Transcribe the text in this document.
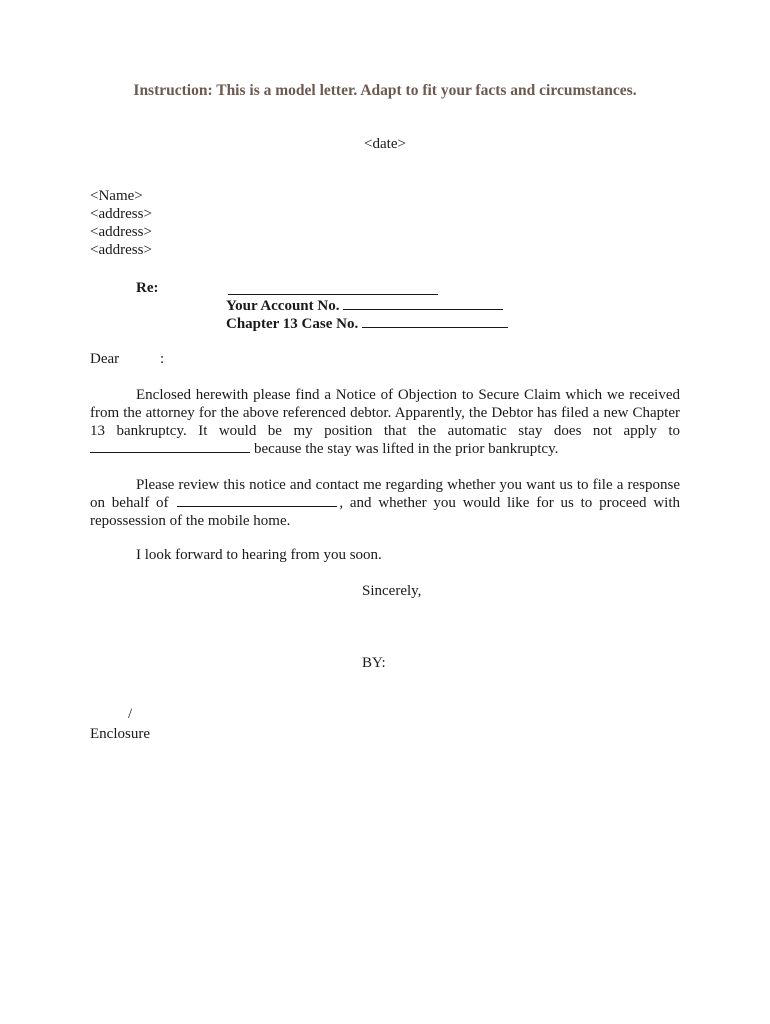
Instruction: This is a model letter. Adapt to fit your facts and circumstances.
<date>
<Name>
<address>
<address>
<address>
Re:
Your Account No.
Chapter 13 Case No.
Dear	:
Enclosed herewith please find a Notice of Objection to Secure Claim which we received from the attorney for the above referenced debtor. Apparently, the Debtor has filed a new Chapter 13 bankruptcy. It would be my position that the automatic stay does not apply to because the stay was lifted in the prior bankruptcy.
Please review this notice and contact me regarding whether you want us to file a response on behalf of	, and whether you would like for us to proceed with repossession of the mobile home.
I look forward to hearing from you soon.
Sincerely,
BY:
/
Enclosure
